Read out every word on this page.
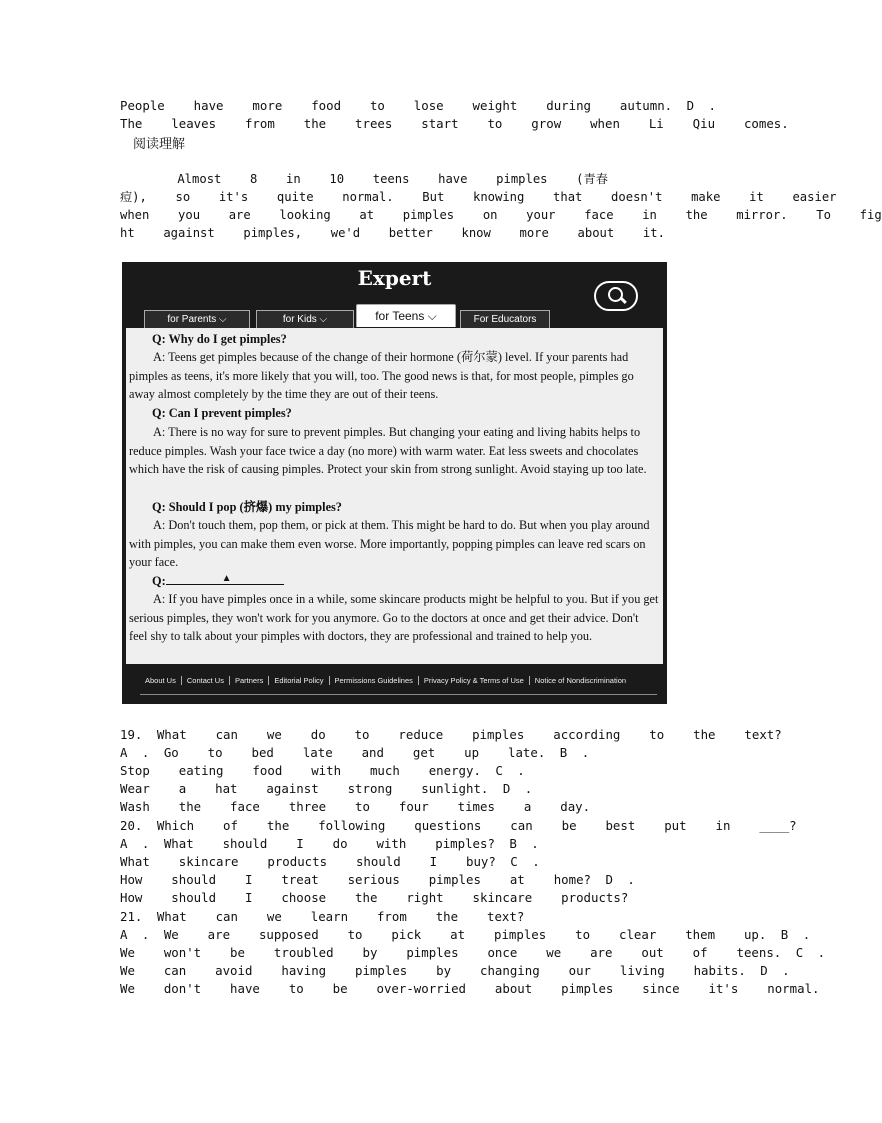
People  have  more  food  to  lose  weight  during  autumn. D .
The  leaves  from  the  trees  start  to  grow  when  Li  Qiu  comes.
阅读理解
Almost  8  in  10  teens  have  pimples  (青春
痘),  so  it's  quite  normal.  But  knowing  that  doesn't  make  it  easier
when  you  are  looking  at  pimples  on  your  face  in  the  mirror.  To  fig
ht  against  pimples,  we'd  better  know  more  about  it.
Expert
for Parents ⌵	for Kids ⌵	for Teens ⌵	For Educators

Q: Why do I get pimples?

A: Teens get pimples because of the change of their hormone (荷尔蒙) level. If your parents had pimples as teens, it's more likely that you will, too. The good news is that, for most people, pimples go away almost completely by the time they are out of their teens.

Q: Can I prevent pimples?

A: There is no way for sure to prevent pimples. But changing your eating and living habits helps to reduce pimples. Wash your face twice a day (no more) with warm water. Eat less sweets and chocolates which have the risk of causing pimples. Protect your skin from strong sunlight. Avoid staying up too late.

Q: Should I pop (挤爆) my pimples?

A: Don't touch them, pop them, or pick at them. This might be hard to do. But when you play around with pimples, you can make them even worse. More importantly, popping pimples can leave red scars on your face.

Q:	▲

A: If you have pimples once in a while, some skincare products might be helpful to you. But if you get serious pimples, they won't work for you anymore. Go to the doctors at once and get their advice. Don't feel shy to talk about your pimples with doctors, they are professional and trained to help you.

About Us Contact Us Partners Editorial Policy Permissions Guidelines Privacy Policy & Terms of Use Notice of Nondiscrimination
19. What  can  we  do  to  reduce  pimples  according  to  the  text?
A . Go  to  bed  late  and  get  up  late. B .
Stop  eating  food  with  much  energy. C .
Wear  a  hat  against  strong  sunlight. D .
Wash  the  face  three  to  four  times  a  day.
20. Which  of  the  following  questions  can  be  best  put  in  ____?
A . What  should  I  do  with  pimples? B .
What  skincare  products  should  I  buy? C .
How  should  I  treat  serious  pimples  at  home? D .
How  should  I  choose  the  right  skincare  products?
21. What  can  we  learn  from  the  text?
A . We  are  supposed  to  pick  at  pimples  to  clear  them  up. B .
We  won't  be  troubled  by  pimples  once  we  are  out  of  teens. C .
We  can  avoid  having  pimples  by  changing  our  living  habits. D .
We  don't  have  to  be  over-worried  about  pimples  since  it's  normal.
